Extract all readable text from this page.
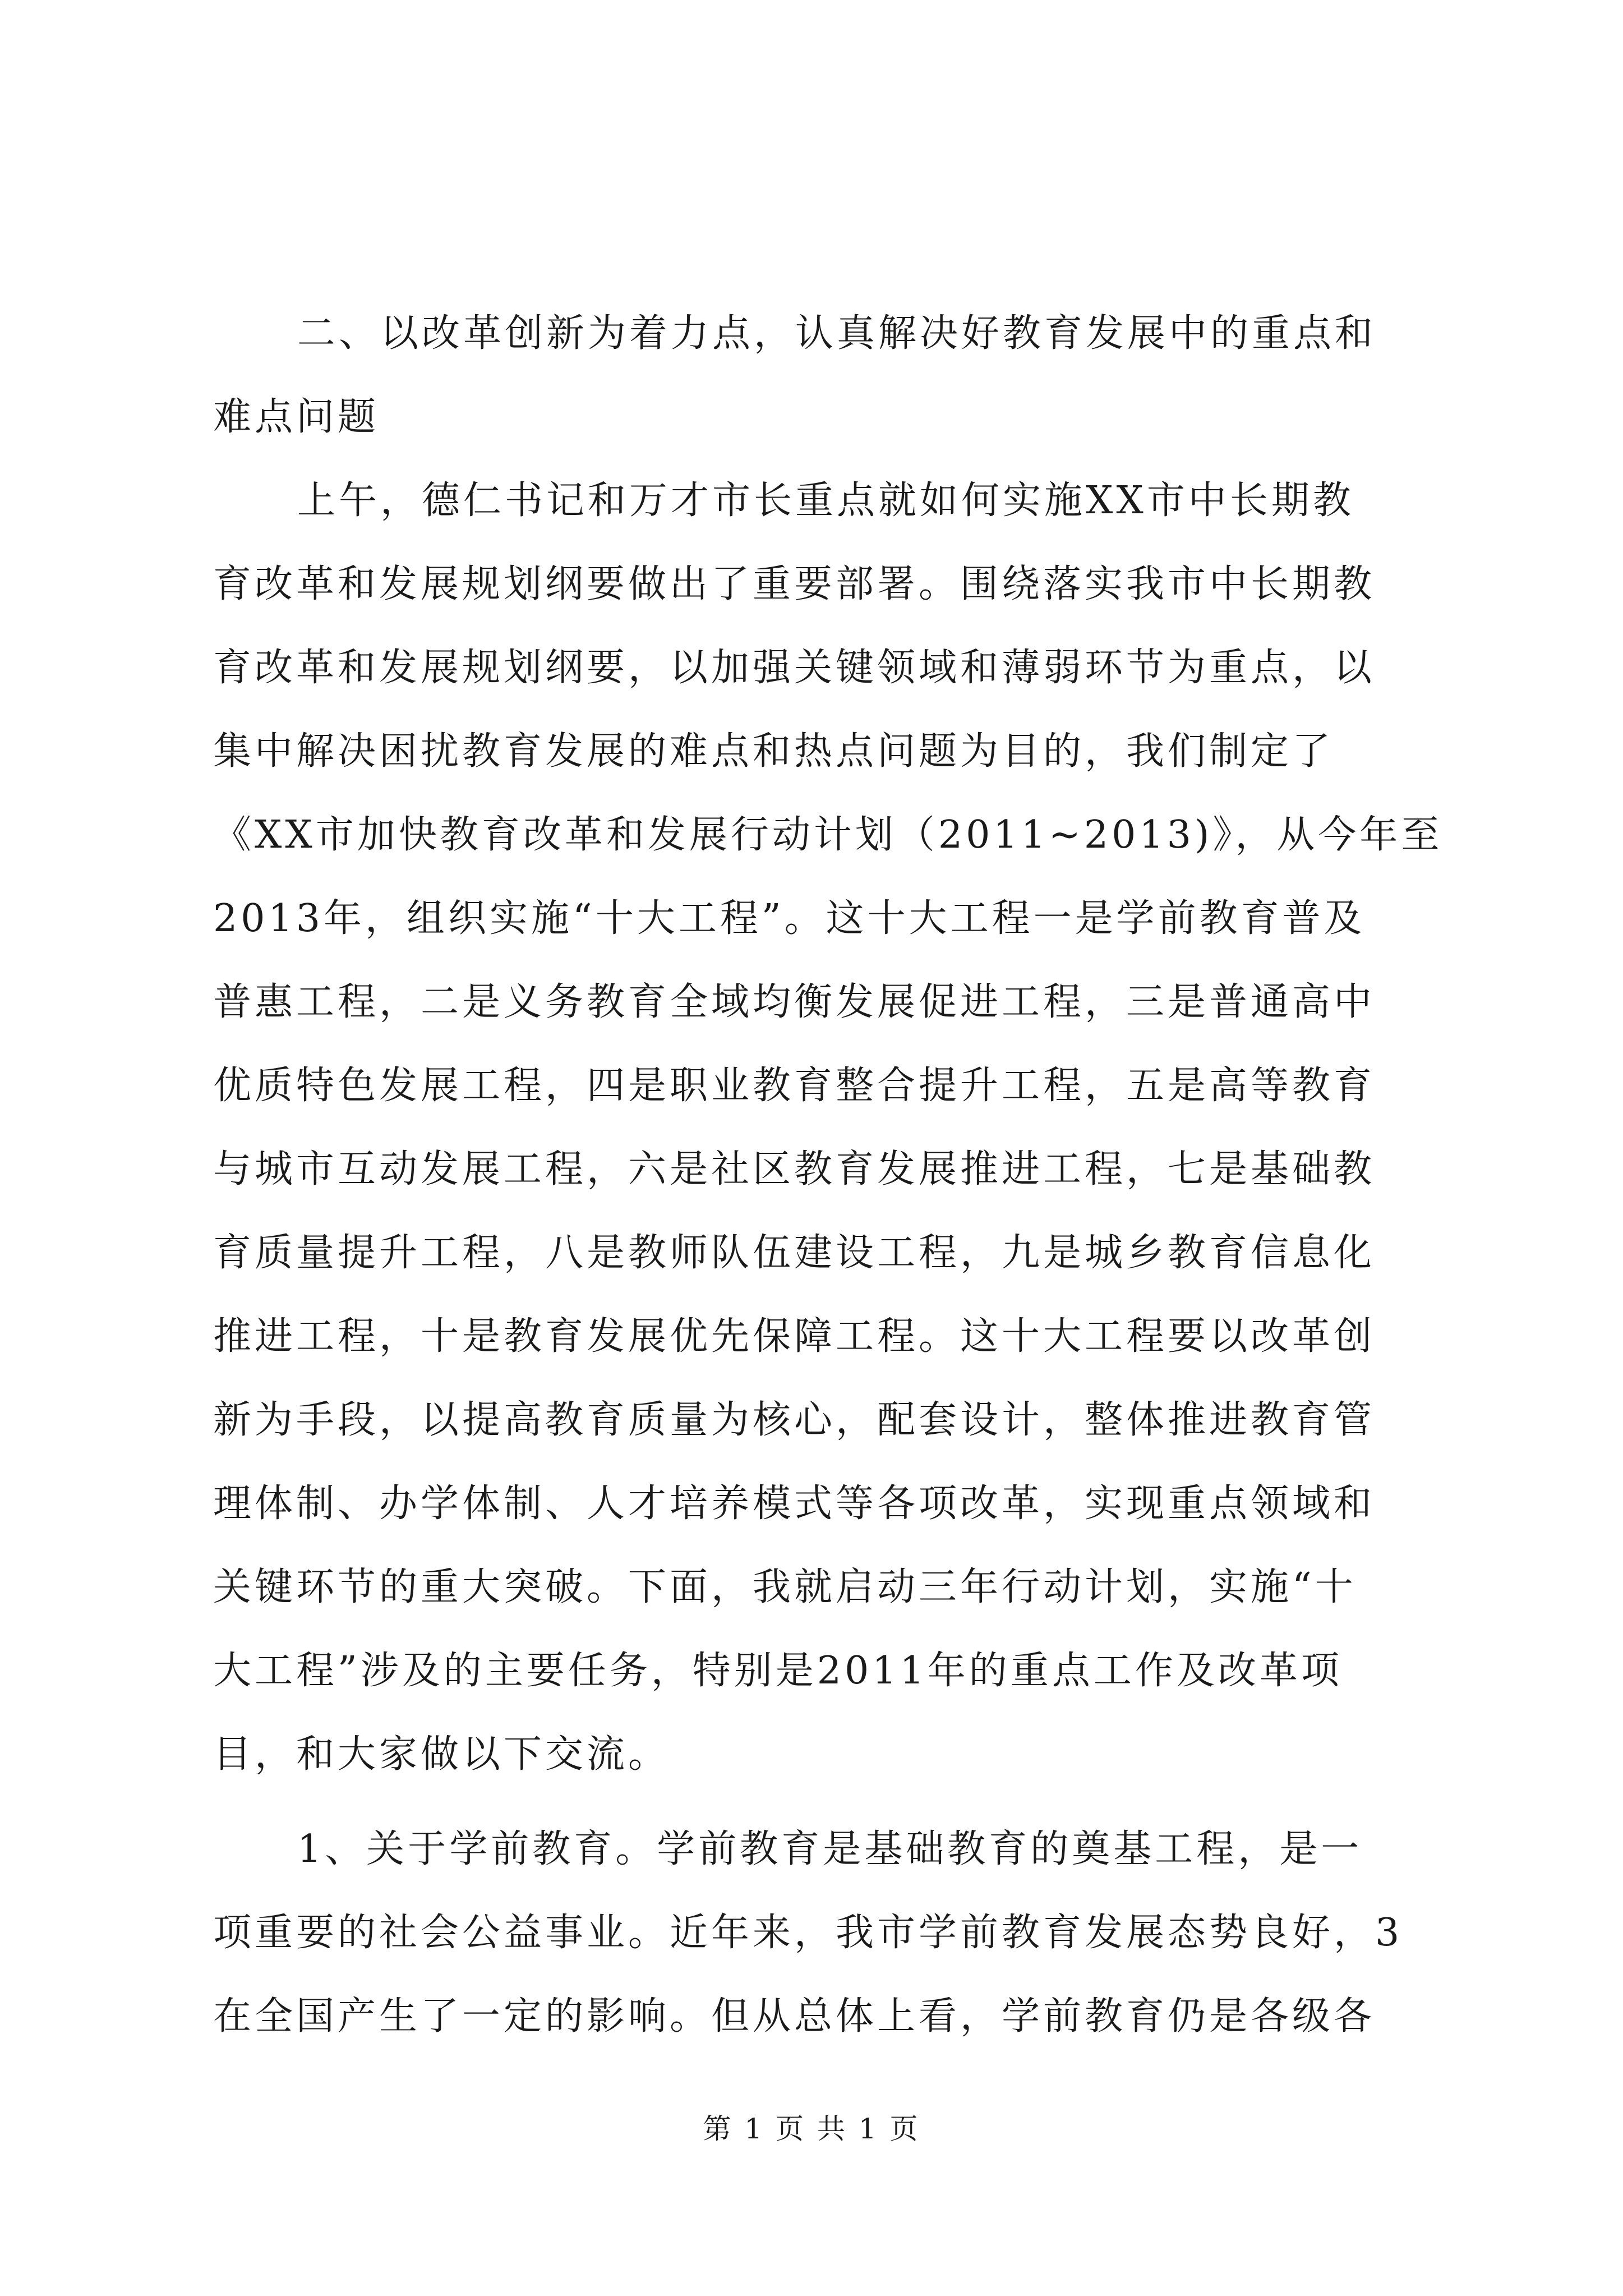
二、以改革创新为着力点，认真解决好教育发展中的重点和
难点问题
上午，德仁书记和万才市长重点就如何实施XX市中长期教
育改革和发展规划纲要做出了重要部署。围绕落实我市中长期教
育改革和发展规划纲要，以加强关键领域和薄弱环节为重点，以
集中解决困扰教育发展的难点和热点问题为目的，我们制定了
《XX市加快教育改革和发展行动计划（2011~2013)》，从今年至
2013年，组织实施“十大工程”。这十大工程一是学前教育普及
普惠工程，二是义务教育全域均衡发展促进工程，三是普通高中
优质特色发展工程，四是职业教育整合提升工程，五是高等教育
与城市互动发展工程，六是社区教育发展推进工程，七是基础教
育质量提升工程，八是教师队伍建设工程，九是城乡教育信息化
推进工程，十是教育发展优先保障工程。这十大工程要以改革创
新为手段，以提高教育质量为核心，配套设计，整体推进教育管
理体制、办学体制、人才培养模式等各项改革，实现重点领域和
关键环节的重大突破。下面，我就启动三年行动计划，实施“十
大工程”涉及的主要任务，特别是2011年的重点工作及改革项
目，和大家做以下交流。
1、关于学前教育。学前教育是基础教育的奠基工程，是一
项重要的社会公益事业。近年来，我市学前教育发展态势良好，3
在全国产生了一定的影响。但从总体上看，学前教育仍是各级各
第 1 页 共 1 页
